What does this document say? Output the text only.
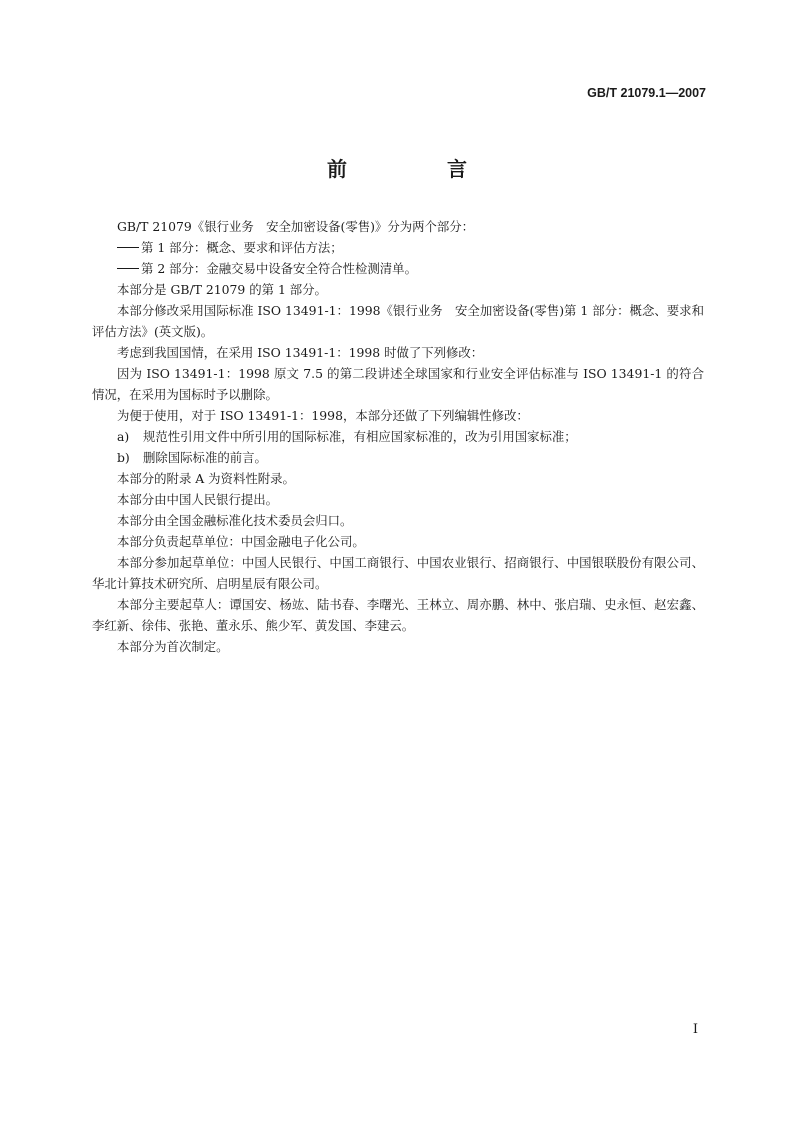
GB/T 21079.1—2007
前　言

GB/T 21079《银行业务　安全加密设备(零售)》分为两个部分：

第 1 部分：概念、要求和评估方法；

第 2 部分：金融交易中设备安全符合性检测清单。

本部分是 GB/T 21079 的第 1 部分。

本部分修改采用国际标准 ISO 13491-1：1998《银行业务　安全加密设备(零售)第 1 部分：概念、要求和评估方法》(英文版)。

考虑到我国国情，在采用 ISO 13491-1：1998 时做了下列修改：

因为 ISO 13491-1：1998 原文 7.5 的第二段讲述全球国家和行业安全评估标准与 ISO 13491-1 的符合情况，在采用为国标时予以删除。

为便于使用，对于 ISO 13491-1：1998，本部分还做了下列编辑性修改：

a) 规范性引用文件中所引用的国际标准，有相应国家标准的，改为引用国家标准；

b) 删除国际标准的前言。

本部分的附录 A 为资料性附录。

本部分由中国人民银行提出。

本部分由全国金融标准化技术委员会归口。

本部分负责起草单位：中国金融电子化公司。

本部分参加起草单位：中国人民银行、中国工商银行、中国农业银行、招商银行、中国银联股份有限公司、华北计算技术研究所、启明星辰有限公司。

本部分主要起草人：谭国安、杨竑、陆书春、李曙光、王林立、周亦鹏、林中、张启瑞、史永恒、赵宏鑫、李红新、徐伟、张艳、董永乐、熊少军、黄发国、李建云。

本部分为首次制定。

I
